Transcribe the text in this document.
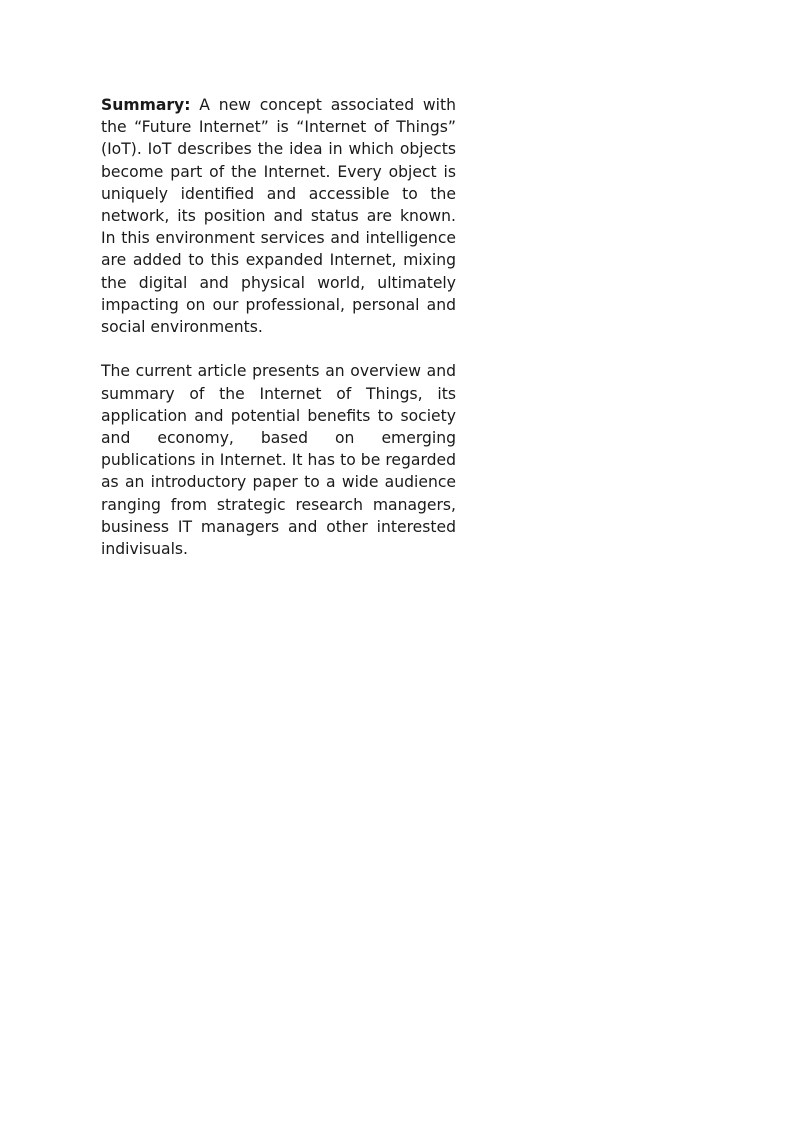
Summary: A new concept associated with the “Future Internet” is “Internet of Things” (IoT). IoT describes the idea in which objects become part of the Internet. Every object is uniquely identified and accessible to the network, its position and status are known. In this environment services and intelligence are added to this expanded Internet, mixing the digital and physical world, ultimately impacting on our professional, personal and social environments.

The current article presents an overview and summary of the Internet of Things, its application and potential benefits to society and economy, based on emerging publications in Internet. It has to be regarded as an introductory paper to a wide audience ranging from strategic research managers, business IT managers and other interested indivisuals.
